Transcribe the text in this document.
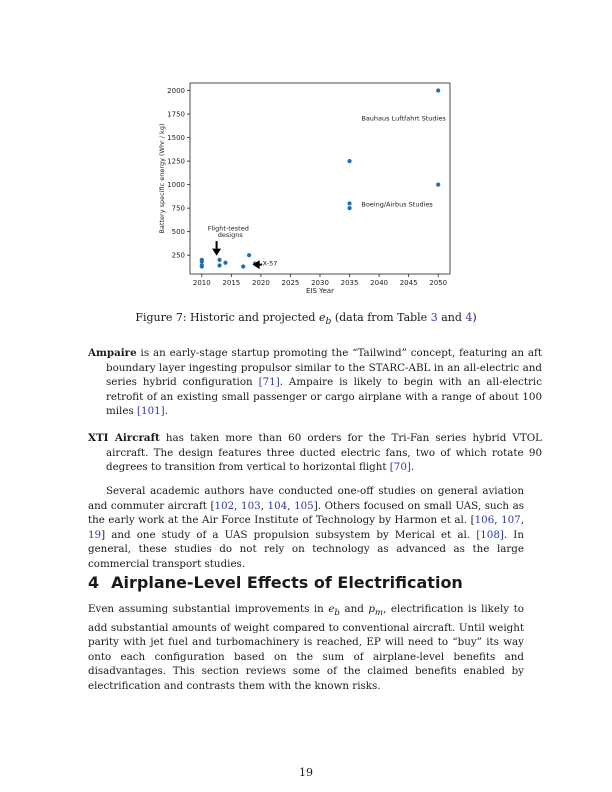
2010 2015 2020 2025 2030 2035 2040 2045 2050
250
500
750
1000
1250
1500
1750
2000
EIS Year
Battery specific energy (Whr / kg)
Bauhaus Luftfahrt Studies
Boeing/Airbus Studies
Flight-tested
designs
X-57
Figure 7: Historic and projected $e_b$ (data from Table 3 and 4)

Ampaire is an early-stage startup promoting the “Tailwind” concept, featuring an aft boundary layer ingesting propulsor similar to the STARC-ABL in an all-electric and series hybrid configuration [71]. Ampaire is likely to begin with an all-electric retrofit of an existing small passenger or cargo airplane with a range of about 100 miles [101].

XTI Aircraft has taken more than 60 orders for the Tri-Fan series hybrid VTOL aircraft. The design features three ducted electric fans, two of which rotate 90 degrees to transition from vertical to horizontal flight [70].

Several academic authors have conducted one-off studies on general aviation and commuter aircraft [102, 103, 104, 105]. Others focused on small UAS, such as the early work at the Air Force Institute of Technology by Harmon et al. [106, 107, 19] and one study of a UAS propulsion subsystem by Merical et al. [108]. In general, these studies do not rely on technology as advanced as the large commercial transport studies.

4 Airplane-Level Effects of Electrification

Even assuming substantial improvements in $e_b$ and $p_m$, electrification is likely to add substantial amounts of weight compared to conventional aircraft. Until weight parity with jet fuel and turbomachinery is reached, EP will need to “buy” its way onto each configuration based on the sum of airplane-level benefits and disadvantages. This section reviews some of the claimed benefits enabled by electrification and contrasts them with the known risks.

19
